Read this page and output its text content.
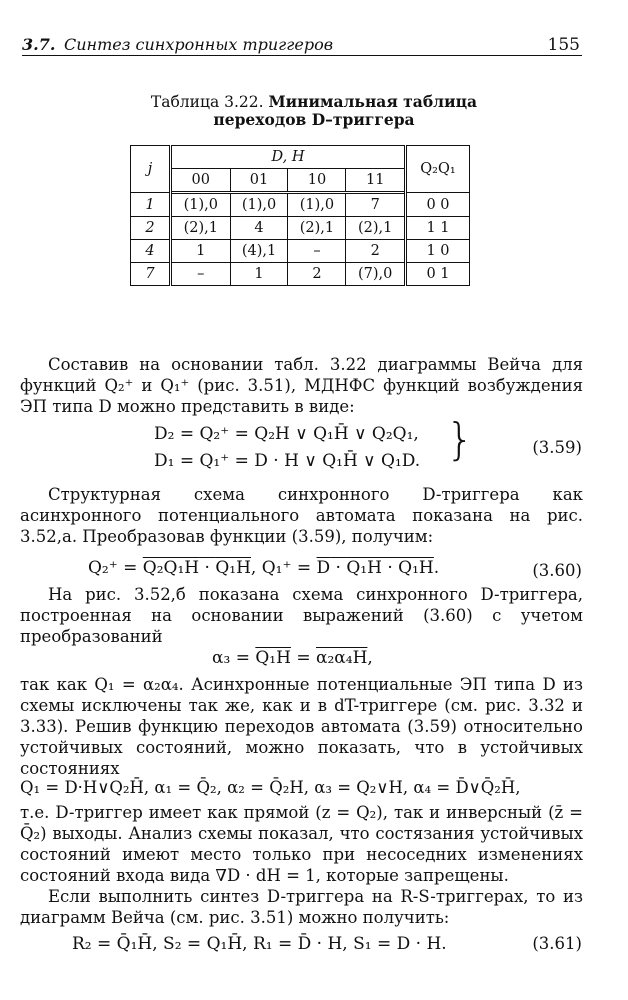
3.7. Синтез синхронных триггеров	155
Таблица 3.22. Минимальная таблица
переходов D–триггера
j	D, H				Q₂Q₁
	00	01	10	11	
1	(1),0	(1),0	(1),0	7	0 0
2	(2),1	4	(2),1	(2),1	1 1
4	1	(4),1	–	2	1 0
7	–	1	2	(7),0	0 1
Составив на основании табл. 3.22 диаграммы Вейча для функций Q₂⁺ и Q₁⁺ (рис. 3.51), МДНФС функций возбуждения ЭП типа D можно представить в виде:
D₂ = Q₂⁺ = Q₂H ∨ Q₁H̄ ∨ Q₂Q₁,
D₁ = Q₁⁺ = D · H ∨ Q₁H̄ ∨ Q₁D. }	(3.59)
Структурная схема синхронного D-триггера как асинхронного потенциального автомата показана на рис. 3.52,а. Преобразовав функции (3.59), получим:
Q₂⁺ = Q₂Q₁H · Q₁H, Q₁⁺ = D · Q₁H · Q₁H.	(3.60)
На рис. 3.52,б показана схема синхронного D-триггера, построенная на основании выражений (3.60) с учетом преобразований
α₃ = Q₁H = α₂α₄H,
так как Q₁ = α₂α₄. Асинхронные потенциальные ЭП типа D из схемы исключены так же, как и в dT-триггере (см. рис. 3.32 и 3.33). Решив функцию переходов автомата (3.59) относительно устойчивых состояний, можно показать, что в устойчивых состояниях
Q₁ = D·H∨Q₂H̄, α₁ = Q̄₂, α₂ = Q̄₂H, α₃ = Q₂∨H, α₄ = D̄∨Q̄₂H̄,
т.е. D-триггер имеет как прямой (z = Q₂), так и инверсный (z̄ = Q̄₂) выходы. Анализ схемы показал, что состязания устойчивых состояний имеют место только при несоседних изменениях состояний входа вида ∇D · dH = 1, которые запрещены.
Если выполнить синтез D-триггера на R-S-триггерах, то из диаграмм Вейча (см. рис. 3.51) можно получить:
R₂ = Q̄₁H̄, S₂ = Q₁H̄, R₁ = D̄ · H, S₁ = D · H.	(3.61)
